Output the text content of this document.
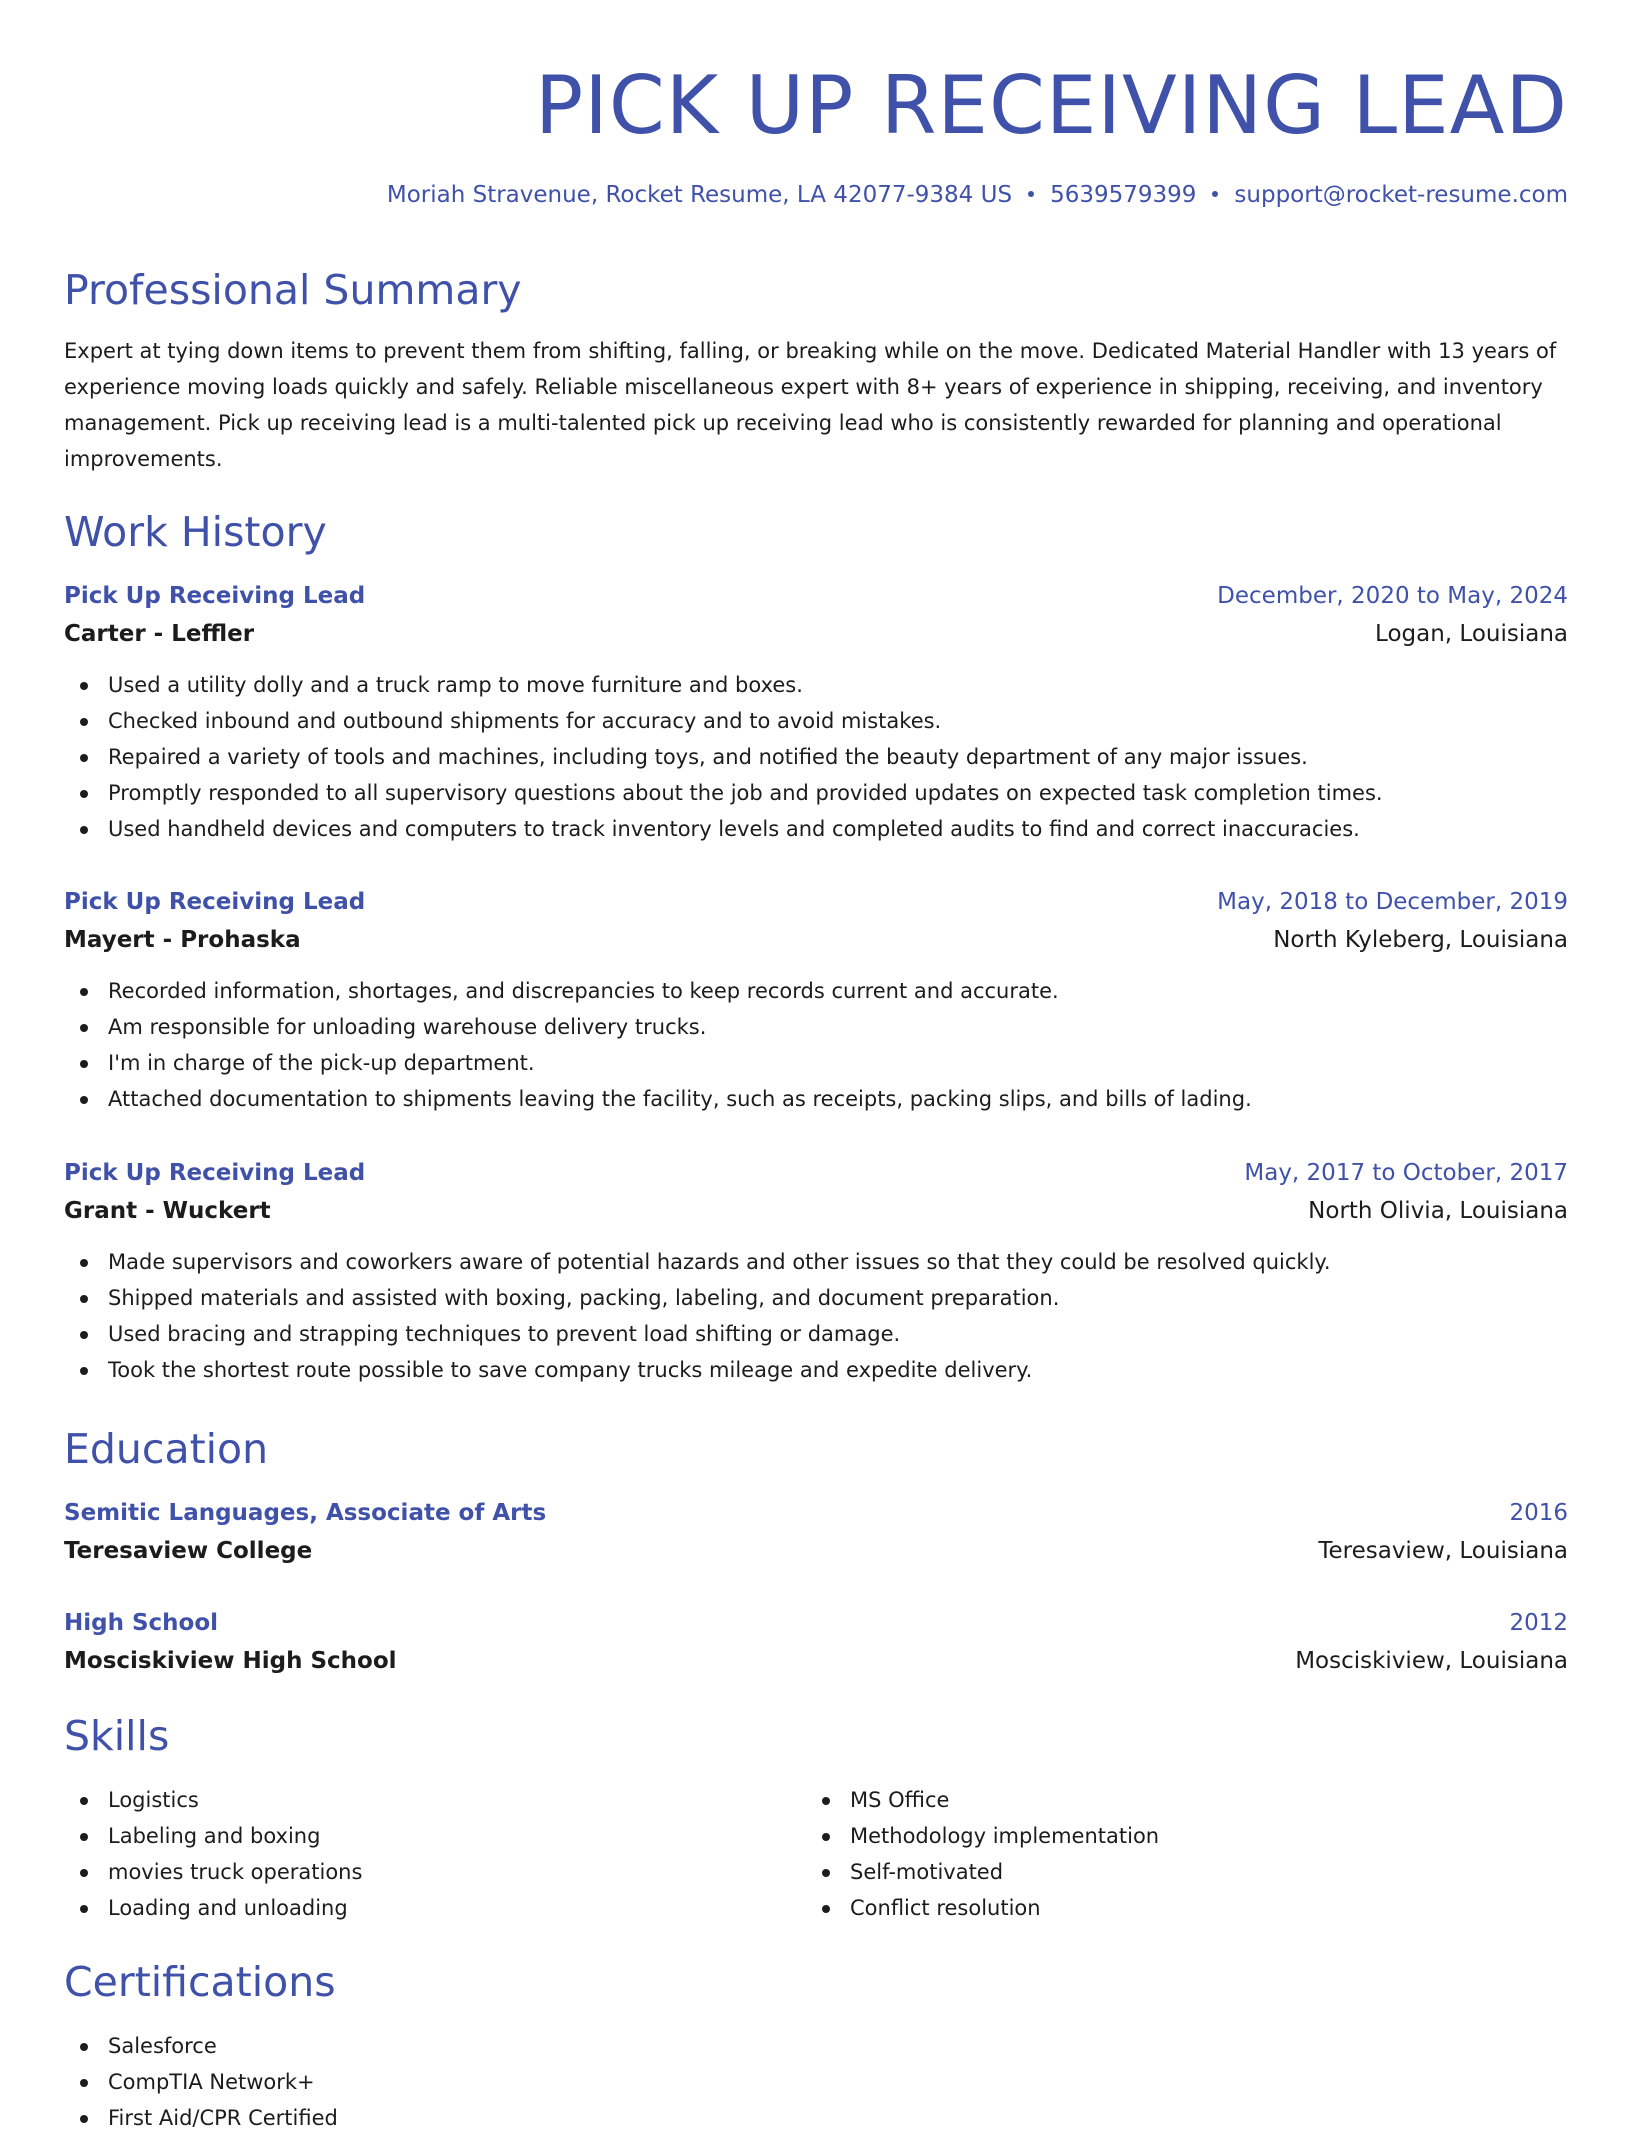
PICK UP RECEIVING LEAD
Moriah Stravenue, Rocket Resume, LA 42077-9384 US 5639579399 support@rocket-resume.com
Professional Summary

Expert at tying down items to prevent them from shifting, falling, or breaking while on the move. Dedicated Material Handler with 13 years of experience moving loads quickly and safely. Reliable miscellaneous expert with 8+ years of experience in shipping, receiving, and inventory management. Pick up receiving lead is a multi-talented pick up receiving lead who is consistently rewarded for planning and operational improvements.

Work History
Pick Up Receiving Lead	December, 2020 to May, 2024
Carter - Leffler	Logan, Louisiana
Used a utility dolly and a truck ramp to move furniture and boxes.
Checked inbound and outbound shipments for accuracy and to avoid mistakes.
Repaired a variety of tools and machines, including toys, and notified the beauty department of any major issues.
Promptly responded to all supervisory questions about the job and provided updates on expected task completion times.
Used handheld devices and computers to track inventory levels and completed audits to find and correct inaccuracies.
Pick Up Receiving Lead	May, 2018 to December, 2019
Mayert - Prohaska	North Kyleberg, Louisiana
Recorded information, shortages, and discrepancies to keep records current and accurate.
Am responsible for unloading warehouse delivery trucks.
I'm in charge of the pick-up department.
Attached documentation to shipments leaving the facility, such as receipts, packing slips, and bills of lading.
Pick Up Receiving Lead	May, 2017 to October, 2017
Grant - Wuckert	North Olivia, Louisiana
Made supervisors and coworkers aware of potential hazards and other issues so that they could be resolved quickly.
Shipped materials and assisted with boxing, packing, labeling, and document preparation.
Used bracing and strapping techniques to prevent load shifting or damage.
Took the shortest route possible to save company trucks mileage and expedite delivery.
Education
Semitic Languages, Associate of Arts	2016
Teresaview College	Teresaview, Louisiana
High School	2012
Mosciskiview High School	Mosciskiview, Louisiana
Skills
Logistics
Labeling and boxing
movies truck operations
Loading and unloading
MS Office
Methodology implementation
Self-motivated
Conflict resolution
Certifications
Salesforce
CompTIA Network+
First Aid/CPR Certified
